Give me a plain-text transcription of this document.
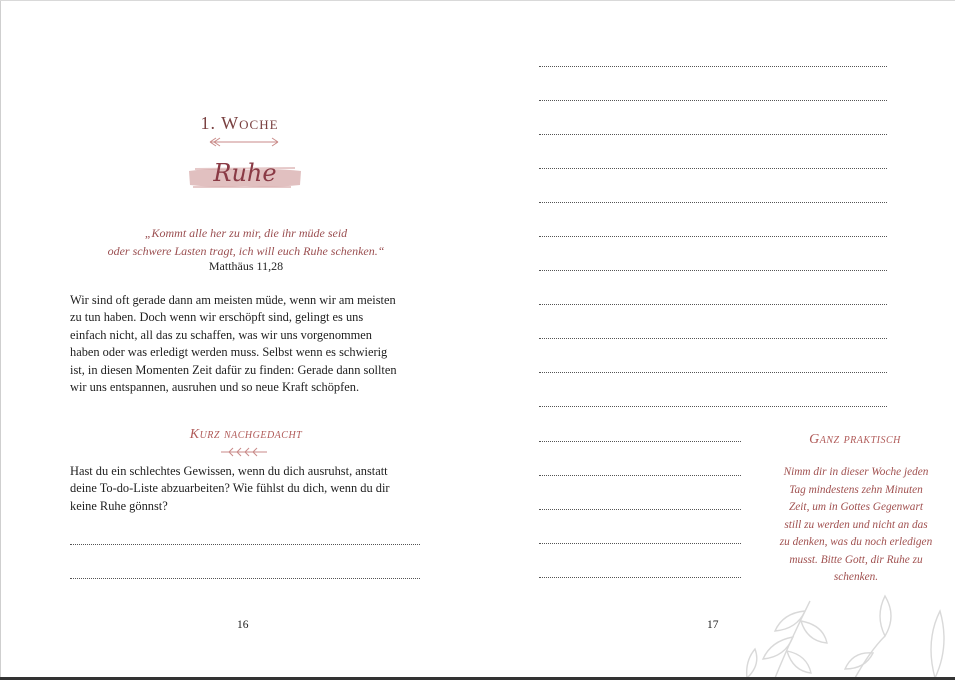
1. Woche
Ruhe
„Kommt alle her zu mir, die ihr müde seid
oder schwere Lasten tragt, ich will euch Ruhe schenken.“
Matthäus 11,28
Wir sind oft gerade dann am meisten müde, wenn wir am meisten
zu tun haben. Doch wenn wir erschöpft sind, gelingt es uns
einfach nicht, all das zu schaffen, was wir uns vorgenommen
haben oder was erledigt werden muss. Selbst wenn es schwierig
ist, in diesen Momenten Zeit dafür zu finden: Gerade dann sollten
wir uns entspannen, ausruhen und so neue Kraft schöpfen.
Kurz nachgedacht
Hast du ein schlechtes Gewissen, wenn du dich ausruhst, anstatt
deine To-do-Liste abzuarbeiten? Wie fühlst du dich, wenn du dir
keine Ruhe gönnst?
16	17
Ganz praktisch
Nimm dir in dieser Woche jeden
Tag mindestens zehn Minuten
Zeit, um in Gottes Gegenwart
still zu werden und nicht an das
zu denken, was du noch erledigen
musst. Bitte Gott, dir Ruhe zu
schenken.
